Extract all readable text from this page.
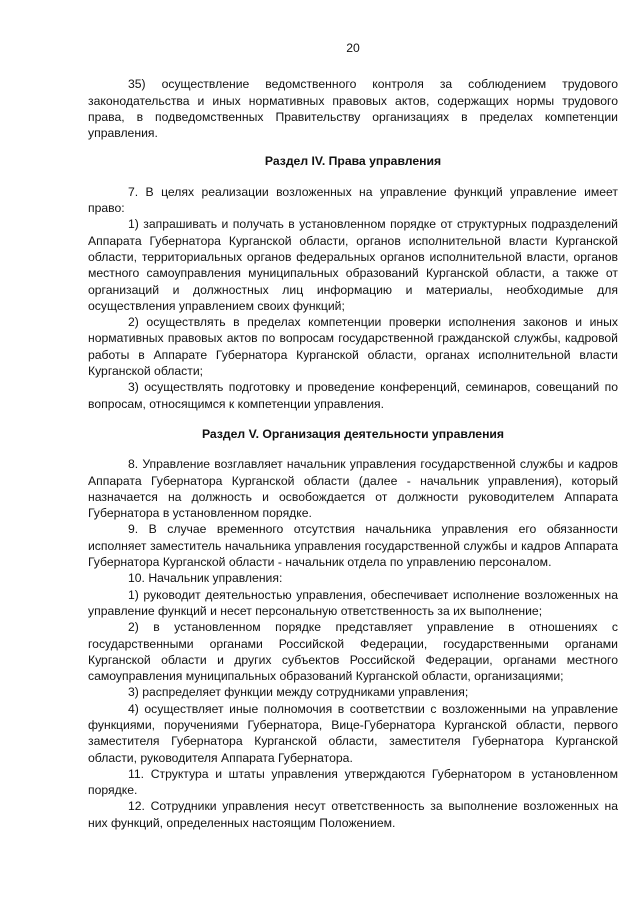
20

35) осуществление ведомственного контроля за соблюдением трудового законодательства и иных нормативных правовых актов, содержащих нормы трудового права, в подведомственных Правительству организациях в пределах компетенции управления.

Раздел IV. Права управления

7. В целях реализации возложенных на управление функций управление имеет право:

1) запрашивать и получать в установленном порядке от структурных подразделений Аппарата Губернатора Курганской области, органов исполнительной власти Курганской области, территориальных органов федеральных органов исполнительной власти, органов местного самоуправления муниципальных образований Курганской области, а также от организаций и должностных лиц информацию и материалы, необходимые для осуществления управлением своих функций;

2) осуществлять в пределах компетенции проверки исполнения законов и иных нормативных правовых актов по вопросам государственной гражданской службы, кадровой работы в Аппарате Губернатора Курганской области, органах исполнительной власти Курганской области;

3) осуществлять подготовку и проведение конференций, семинаров, совещаний по вопросам, относящимся к компетенции управления.

Раздел V. Организация деятельности управления

8. Управление возглавляет начальник управления государственной службы и кадров Аппарата Губернатора Курганской области (далее - начальник управления), который назначается на должность и освобождается от должности руководителем Аппарата Губернатора в установленном порядке.

9. В случае временного отсутствия начальника управления его обязанности исполняет заместитель начальника управления государственной службы и кадров Аппарата Губернатора Курганской области - начальник отдела по управлению персоналом.

10. Начальник управления:

1) руководит деятельностью управления, обеспечивает исполнение возложенных на управление функций и несет персональную ответственность за их выполнение;

2) в установленном порядке представляет управление в отношениях с государственными органами Российской Федерации, государственными органами Курганской области и других субъектов Российской Федерации, органами местного самоуправления муниципальных образований Курганской области, организациями;

3) распределяет функции между сотрудниками управления;

4) осуществляет иные полномочия в соответствии с возложенными на управление функциями, поручениями Губернатора, Вице-Губернатора Курганской области, первого заместителя Губернатора Курганской области, заместителя Губернатора Курганской области, руководителя Аппарата Губернатора.

11. Структура и штаты управления утверждаются Губернатором в установленном порядке.

12. Сотрудники управления несут ответственность за выполнение возложенных на них функций, определенных настоящим Положением.
